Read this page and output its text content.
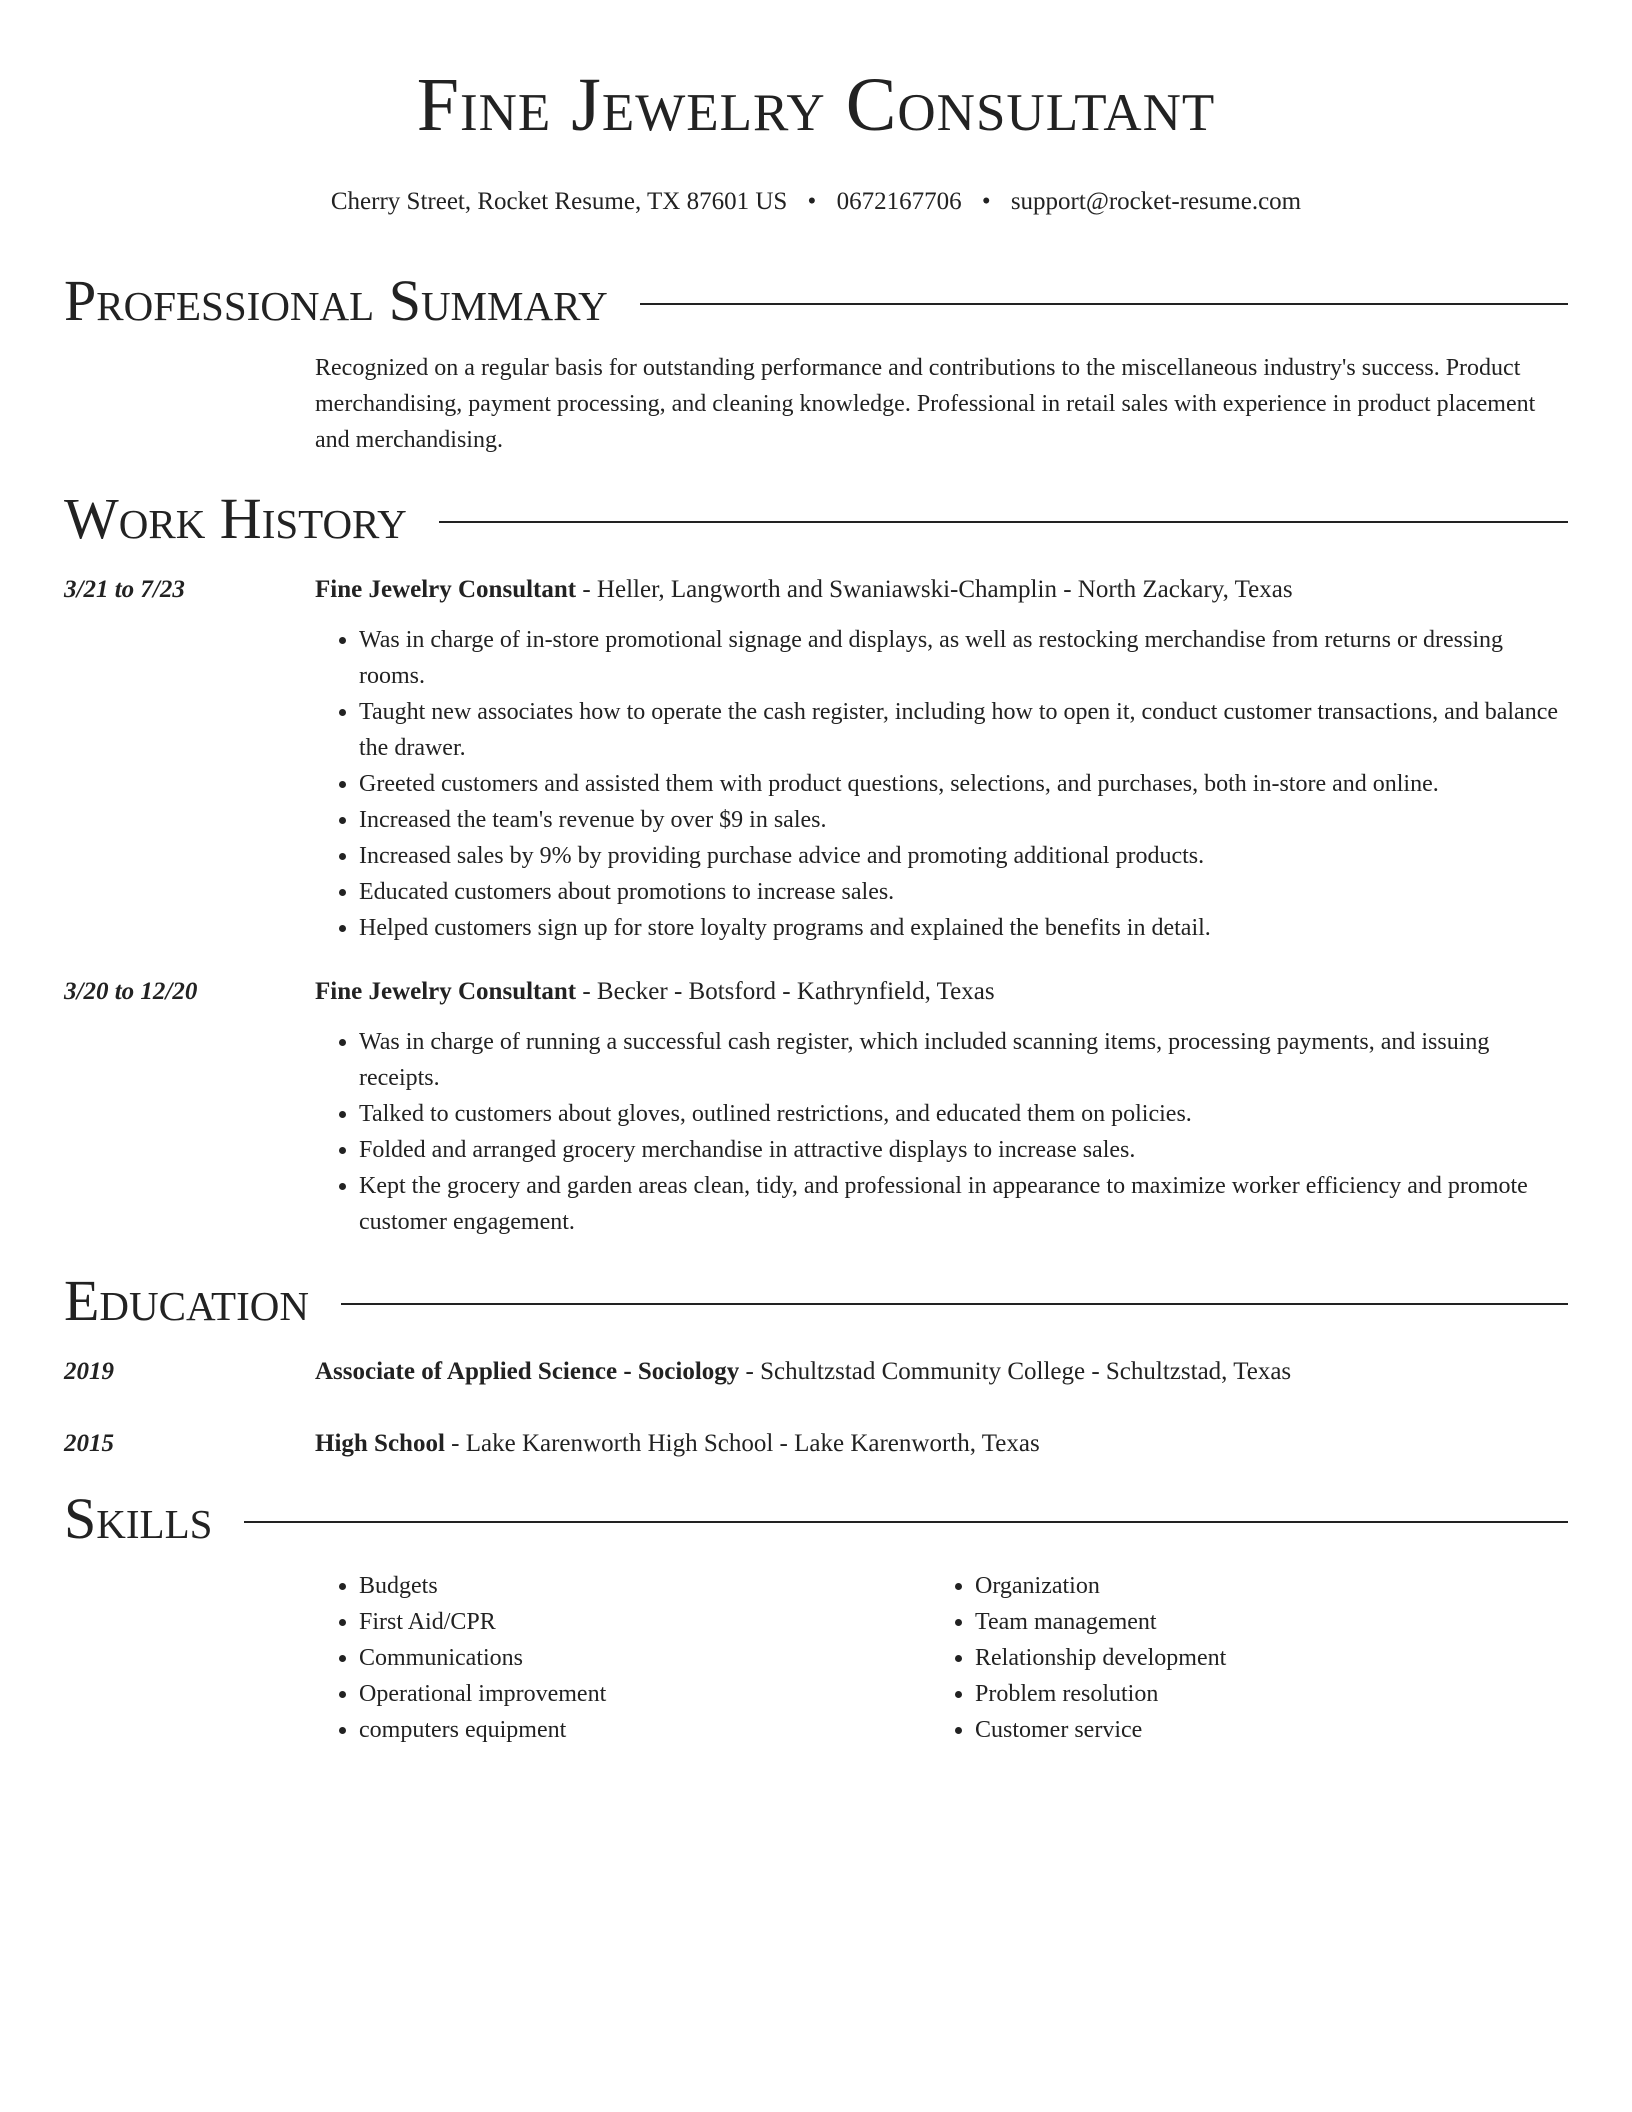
Fine Jewelry Consultant
Cherry Street, Rocket Resume, TX 87601 US • 0672167706 • support@rocket-resume.com
Professional Summary
Recognized on a regular basis for outstanding performance and contributions to the miscellaneous industry's success. Product merchandising, payment processing, and cleaning knowledge. Professional in retail sales with experience in product placement and merchandising.
Work History
3/21 to 7/23	Fine Jewelry Consultant - Heller, Langworth and Swaniawski-Champlin - North Zackary, Texas
• Was in charge of in-store promotional signage and displays, as well as restocking merchandise from returns or dressing rooms.
• Taught new associates how to operate the cash register, including how to open it, conduct customer transactions, and balance the drawer.
• Greeted customers and assisted them with product questions, selections, and purchases, both in-store and online.
• Increased the team's revenue by over $9 in sales.
• Increased sales by 9% by providing purchase advice and promoting additional products.
• Educated customers about promotions to increase sales.
• Helped customers sign up for store loyalty programs and explained the benefits in detail.
3/20 to 12/20	Fine Jewelry Consultant - Becker - Botsford - Kathrynfield, Texas
• Was in charge of running a successful cash register, which included scanning items, processing payments, and issuing receipts.
• Talked to customers about gloves, outlined restrictions, and educated them on policies.
• Folded and arranged grocery merchandise in attractive displays to increase sales.
• Kept the grocery and garden areas clean, tidy, and professional in appearance to maximize worker efficiency and promote customer engagement.
Education
2019	Associate of Applied Science - Sociology - Schultzstad Community College - Schultzstad, Texas
2015	High School - Lake Karenworth High School - Lake Karenworth, Texas
Skills
• Budgets
• First Aid/CPR
• Communications
• Operational improvement
• computers equipment
• Organization
• Team management
• Relationship development
• Problem resolution
• Customer service
